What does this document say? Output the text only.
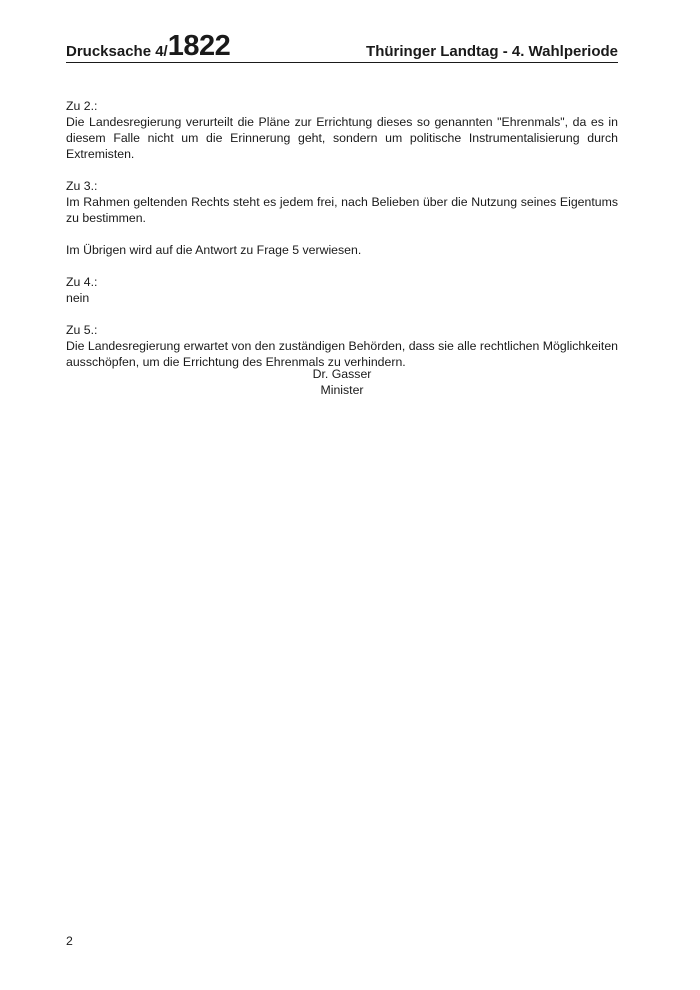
Drucksache 4/ 1822	Thüringer Landtag - 4. Wahlperiode

Zu 2.:

Die Landesregierung verurteilt die Pläne zur Errichtung dieses so genannten "Ehrenmals", da es in diesem Falle nicht um die Erinnerung geht, sondern um politische Instrumentalisierung durch Extremisten.

Zu 3.:

Im Rahmen geltenden Rechts steht es jedem frei, nach Belieben über die Nutzung seines Eigentums zu bestimmen.

Im Übrigen wird auf die Antwort zu Frage 5 verwiesen.

Zu 4.:

nein

Zu 5.:

Die Landesregierung erwartet von den zuständigen Behörden, dass sie alle rechtlichen Möglichkeiten ausschöpfen, um die Errichtung des Ehrenmals zu verhindern.

Dr. Gasser
Minister
2
